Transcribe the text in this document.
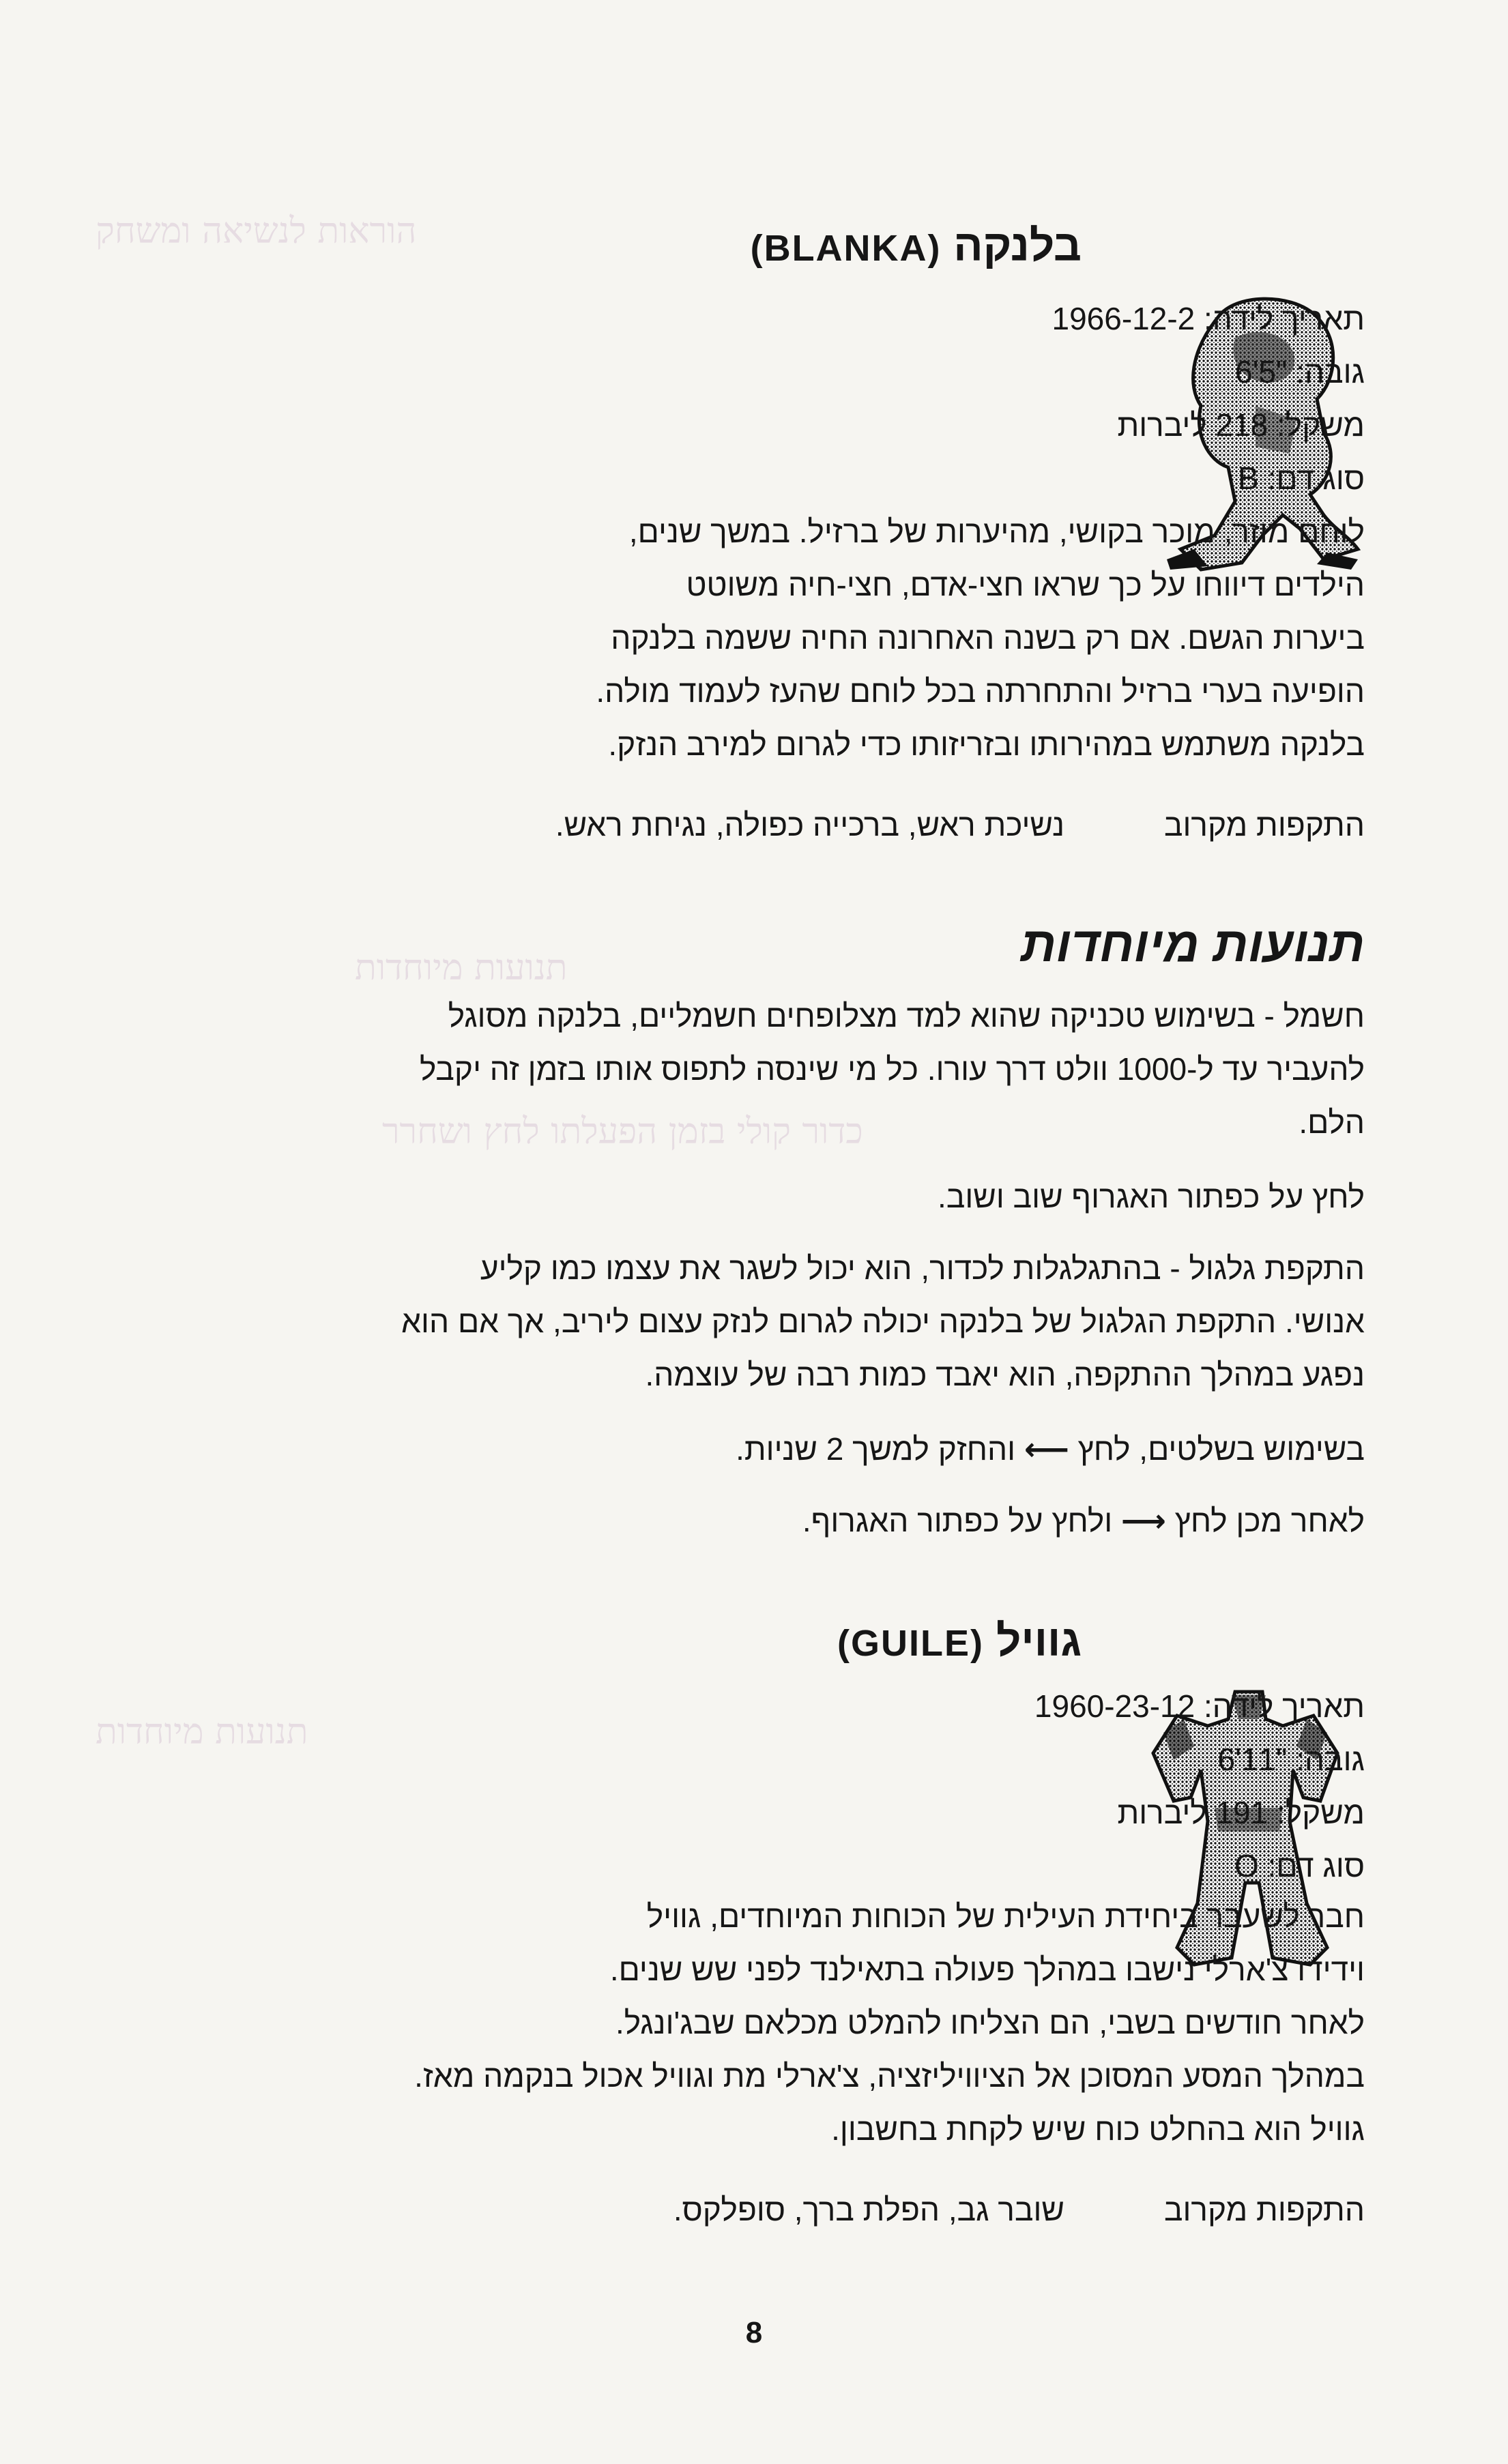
הוראות לנשיאה ומשחק
תנועות מיוחדות
כדור קולי בזמן הפעלתו לחץ ושחרר
תנועות מיוחדות
בלנקה (BLANKA)
תאריך לידה: 1966-12-2
גובה: "5'6
משקל: 218 ליברות
סוג דם: B
לוחם מוזר, מוכר בקושי, מהיערות של ברזיל. במשך שנים,
הילדים דיווחו על כך שראו חצי-אדם, חצי-חיה משוטט
ביערות הגשם. אם רק בשנה האחרונה החיה ששמה בלנקה
הופיעה בערי ברזיל והתחרתה בכל לוחם שהעז לעמוד מולה.
בלנקה משתמש במהירותו ובזריזותו כדי לגרום למירב הנזק.
התקפות מקרוב
נשיכת ראש, ברכייה כפולה, נגיחת ראש.
תנועות מיוחדות
חשמל - בשימוש טכניקה שהוא למד מצלופחים חשמליים, בלנקה מסוגל
להעביר עד ל-1000 וולט דרך עורו. כל מי שינסה לתפוס אותו בזמן זה יקבל
הלם.
לחץ על כפתור האגרוף שוב ושוב.
התקפת גלגול - בהתגלגלות לכדור, הוא יכול לשגר את עצמו כמו קליע
אנושי. התקפת הגלגול של בלנקה יכולה לגרום לנזק עצום ליריב, אך אם הוא
נפגע במהלך ההתקפה, הוא יאבד כמות רבה של עוצמה.
בשימוש בשלטים, לחץ ⟵ והחזק למשך 2 שניות.
לאחר מכן לחץ ⟶ ולחץ על כפתור האגרוף.
גוויל (GUILE)
תאריך לידה: 1960-23-12
גובה: "11'6
משקל: 191 ליברות
סוג דם: O
חבר לשעבר ביחידת העילית של הכוחות המיוחדים, גוויל
וידידו צ'ארלי נישבו במהלך פעולה בתאילנד לפני שש שנים.
לאחר חודשים בשבי, הם הצליחו להמלט מכלאם שבג'ונגל.
במהלך המסע המסוכן אל הציוויליזציה, צ'ארלי מת וגוויל אכול בנקמה מאז.
גוויל הוא בהחלט כוח שיש לקחת בחשבון.
התקפות מקרוב
שובר גב, הפלת ברך, סופלקס.
8
